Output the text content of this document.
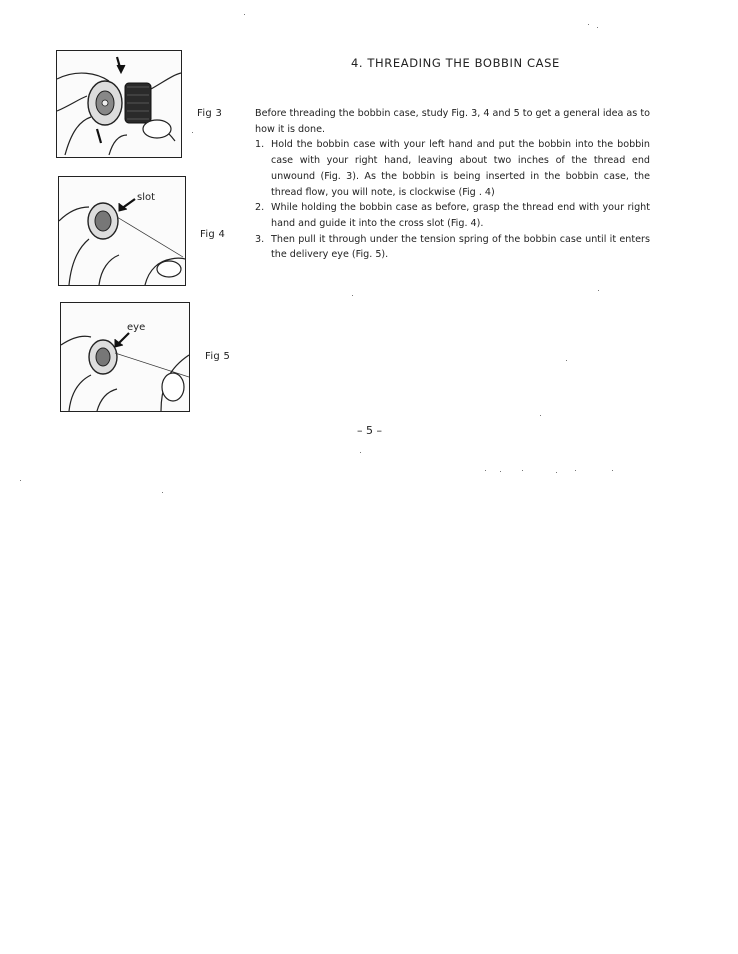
Fig 3
slot
Fig 4
eye
Fig 5
4. THREADING THE BOBBIN CASE

Before threading the bobbin case, study Fig. 3, 4 and 5 to get a general idea as to how it is done.

1. Hold the bobbin case with your left hand and put the bobbin into the bobbin case with your right hand, leaving about two inches of the thread end unwound (Fig. 3). As the bobbin is being inserted in the bobbin case, the thread flow, you will note, is clockwise (Fig . 4)
2. While holding the bobbin case as before, grasp the thread end with your right hand and guide it into the cross slot (Fig. 4).
3. Then pull it through under the tension spring of the bobbin case until it enters the delivery eye (Fig. 5).
– 5 –
